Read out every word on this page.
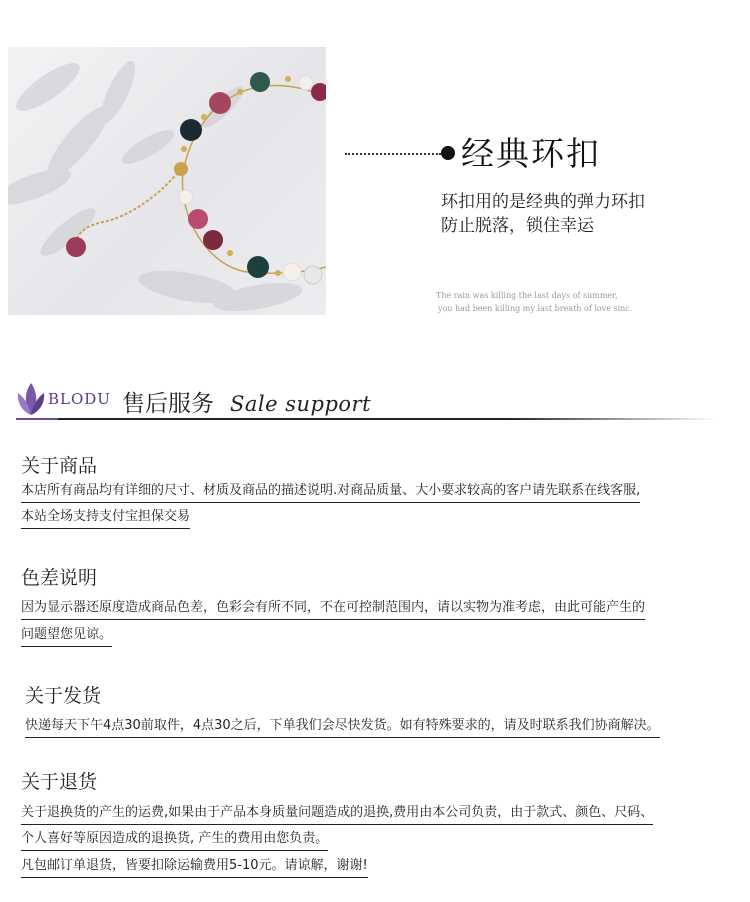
经典环扣
环扣用的是经典的弹力环扣
防止脱落，锁住幸运
The rain was killing the last days of summer,
you had been killing my last breath of love sinc.
BLODU 售后服务 Sale support
关于商品
本店所有商品均有详细的尺寸、材质及商品的描述说明.对商品质量、大小要求较高的客户请先联系在线客服,
本站全场支持支付宝担保交易
色差说明
因为显示器还原度造成商品色差，色彩会有所不同，不在可控制范围内，请以实物为准考虑，由此可能产生的
问题望您见谅。
关于发货
快递每天下午4点30前取件，4点30之后，下单我们会尽快发货。如有特殊要求的，请及时联系我们协商解决。
关于退货
关于退换货的产生的运费,如果由于产品本身质量问题造成的退换,费用由本公司负责，由于款式、颜色、尺码、
个人喜好等原因造成的退换货, 产生的费用由您负责。
凡包邮订单退货，皆要扣除运输费用5-10元。请谅解，谢谢!
